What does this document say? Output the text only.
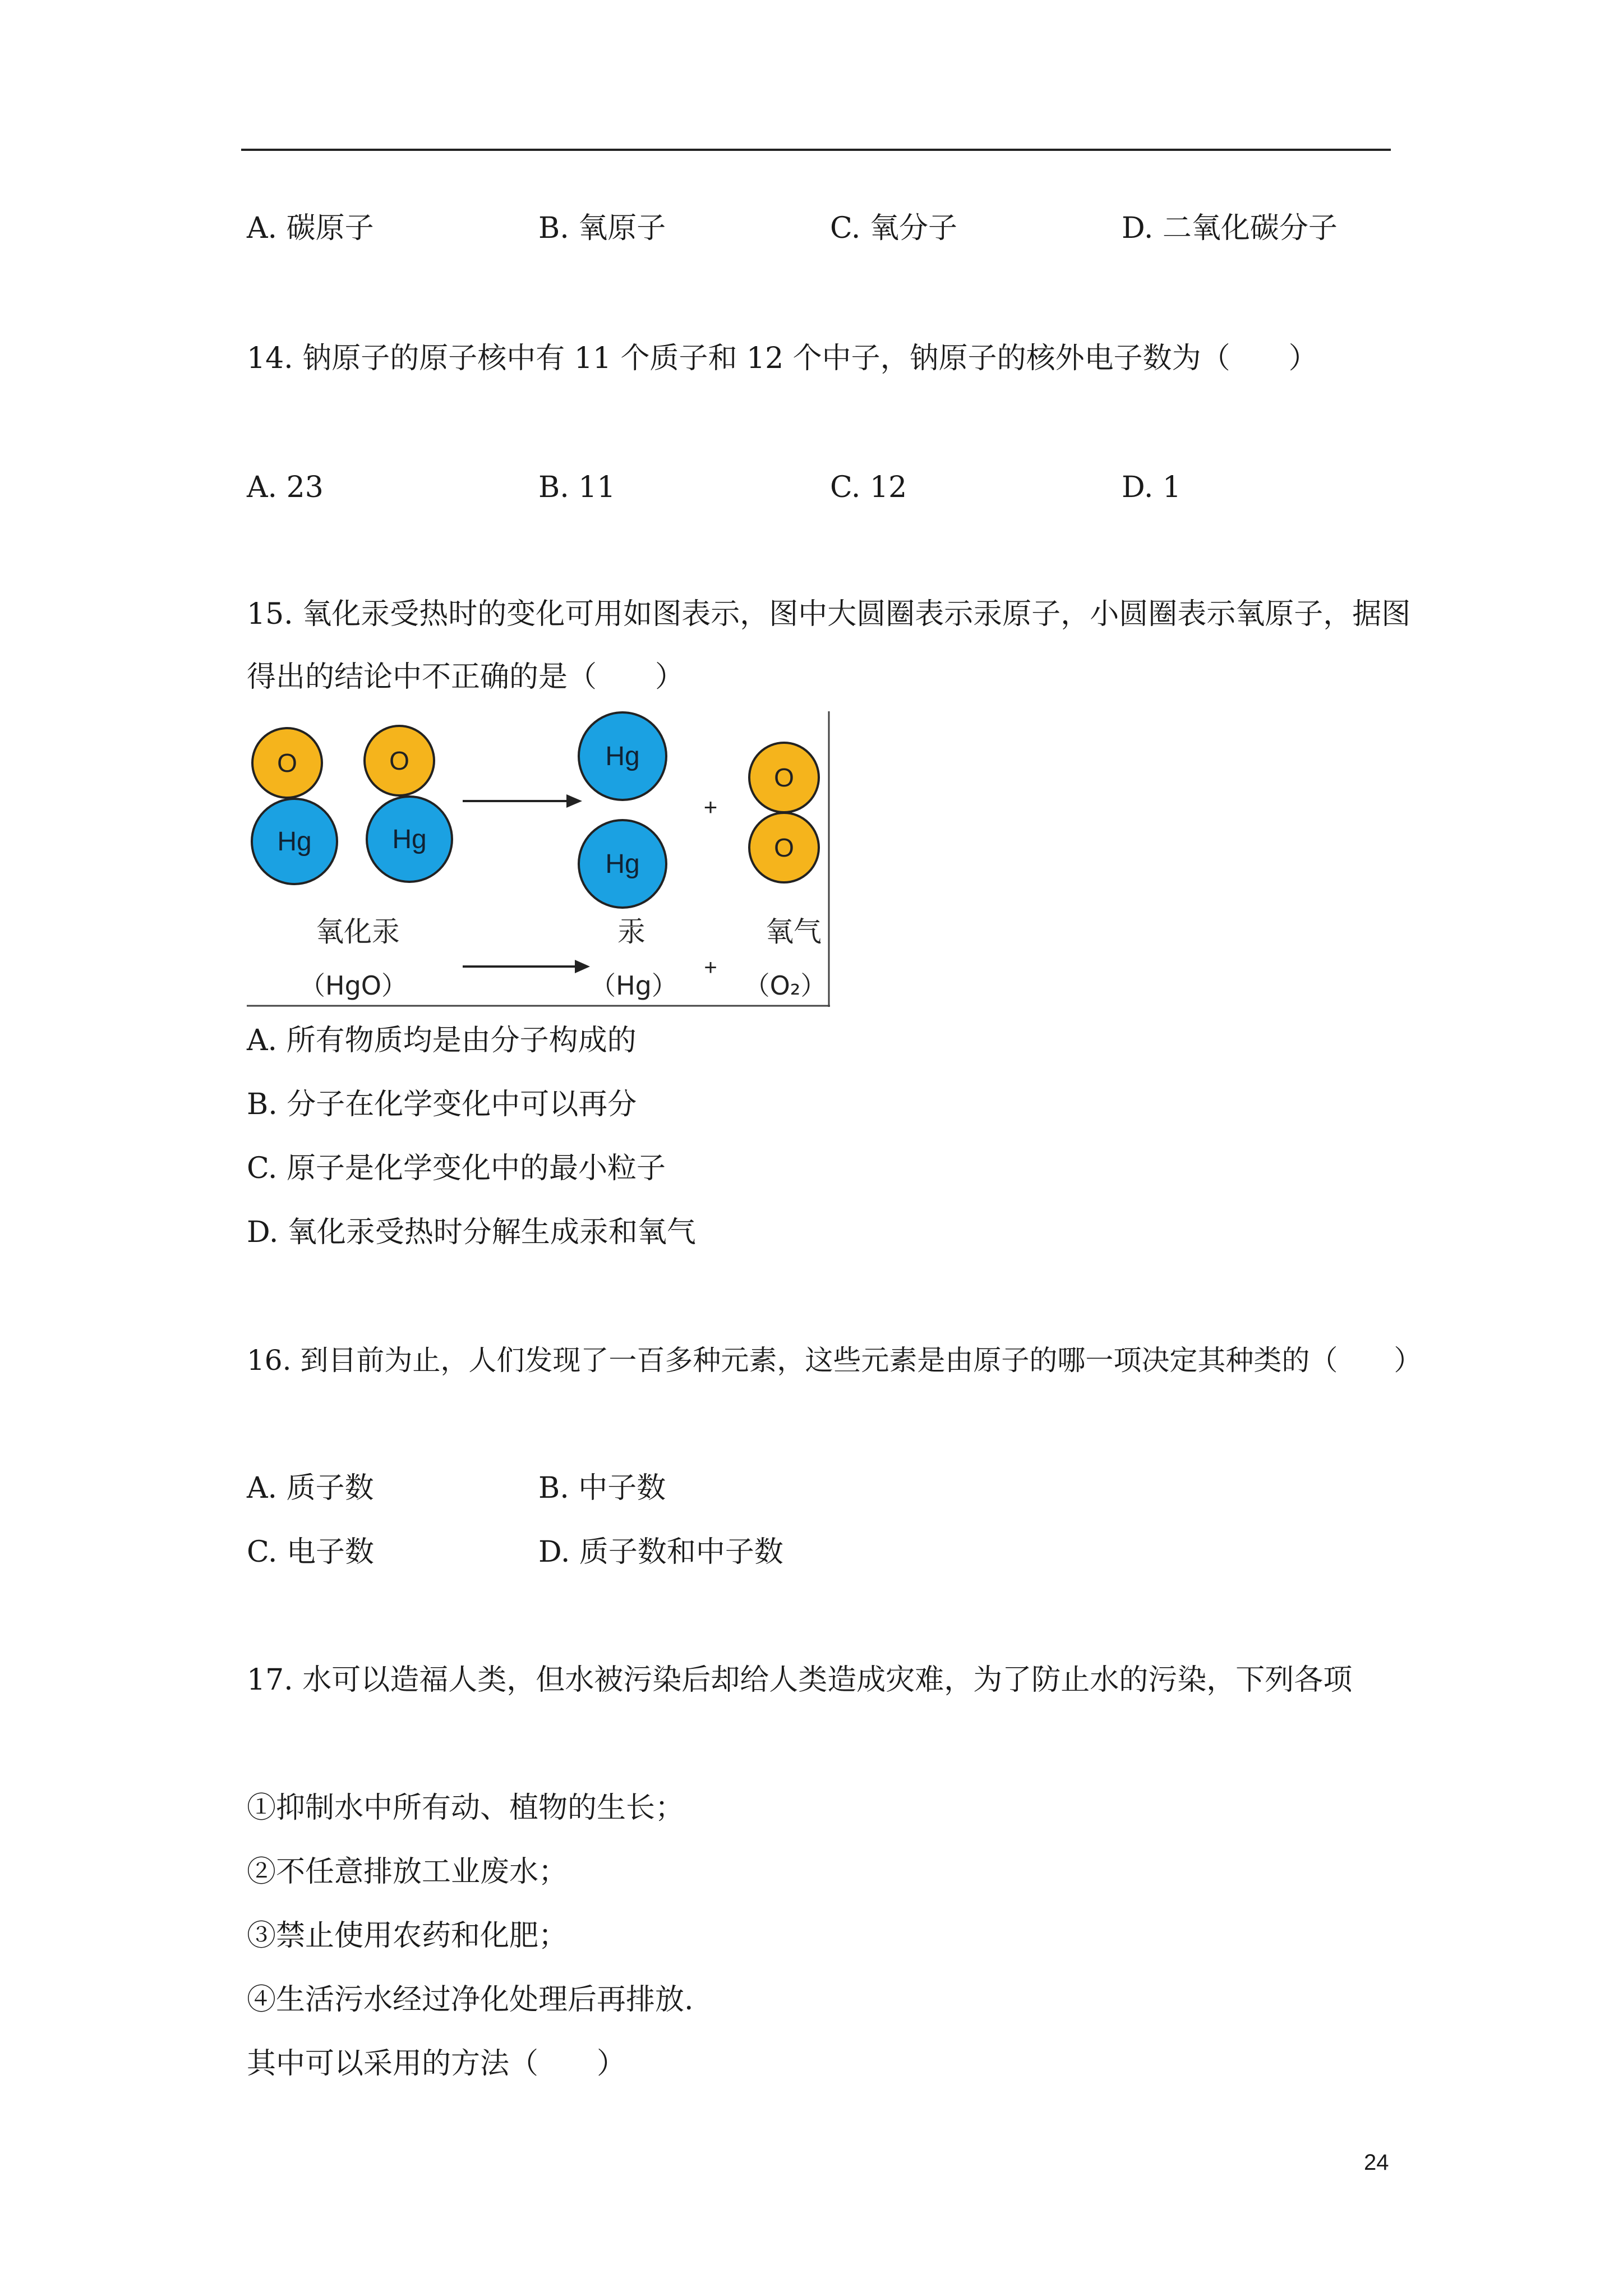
A. 碳原子	B. 氧原子	C. 氧分子	D. 二氧化碳分子
14. 钠原子的原子核中有 11 个质子和 12 个中子，钠原子的核外电子数为（　　）
A. 23	B. 11	C. 12	D. 1
15. 氧化汞受热时的变化可用如图表示，图中大圆圈表示汞原子，小圆圈表示氧原子，据图
得出的结论中不正确的是（　　）
O
Hg
O
Hg
Hg
Hg
+
O
O
氧化汞
（HgO）
汞
（Hg）
+
氧气
（O₂）
A. 所有物质均是由分子构成的
B. 分子在化学变化中可以再分
C. 原子是化学变化中的最小粒子
D. 氧化汞受热时分解生成汞和氧气
16. 到目前为止，人们发现了一百多种元素，这些元素是由原子的哪一项决定其种类的（　　）
A. 质子数	B. 中子数
C. 电子数	D. 质子数和中子数
17. 水可以造福人类，但水被污染后却给人类造成灾难，为了防止水的污染，下列各项
①抑制水中所有动、植物的生长；
②不任意排放工业废水；
③禁止使用农药和化肥；
④生活污水经过净化处理后再排放.
其中可以采用的方法（　　）
24
